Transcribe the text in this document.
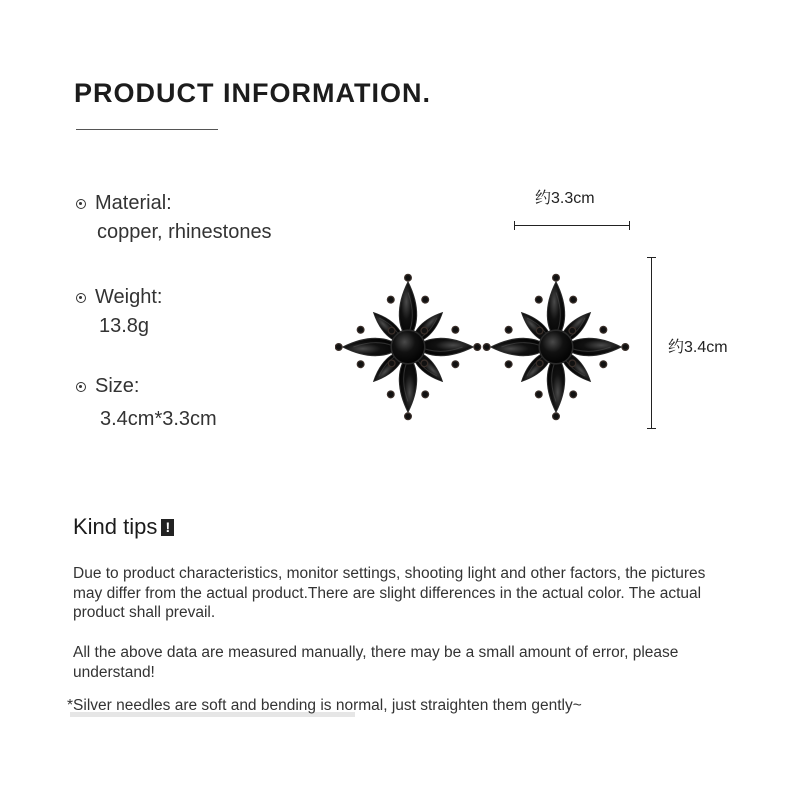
PRODUCT INFORMATION.
Material:
copper, rhinestones
Weight:
13.8g
Size:
3.4cm*3.3cm
约3.3cm
约3.4cm
Kind tips !
Due to product characteristics, monitor settings, shooting light and other factors, the pictures may differ from the actual product.There are slight differences in the actual color. The actual product shall prevail.
All the above data are measured manually, there may be a small amount of error, please understand!
*Silver needles are soft and bending is normal, just straighten them gently~
